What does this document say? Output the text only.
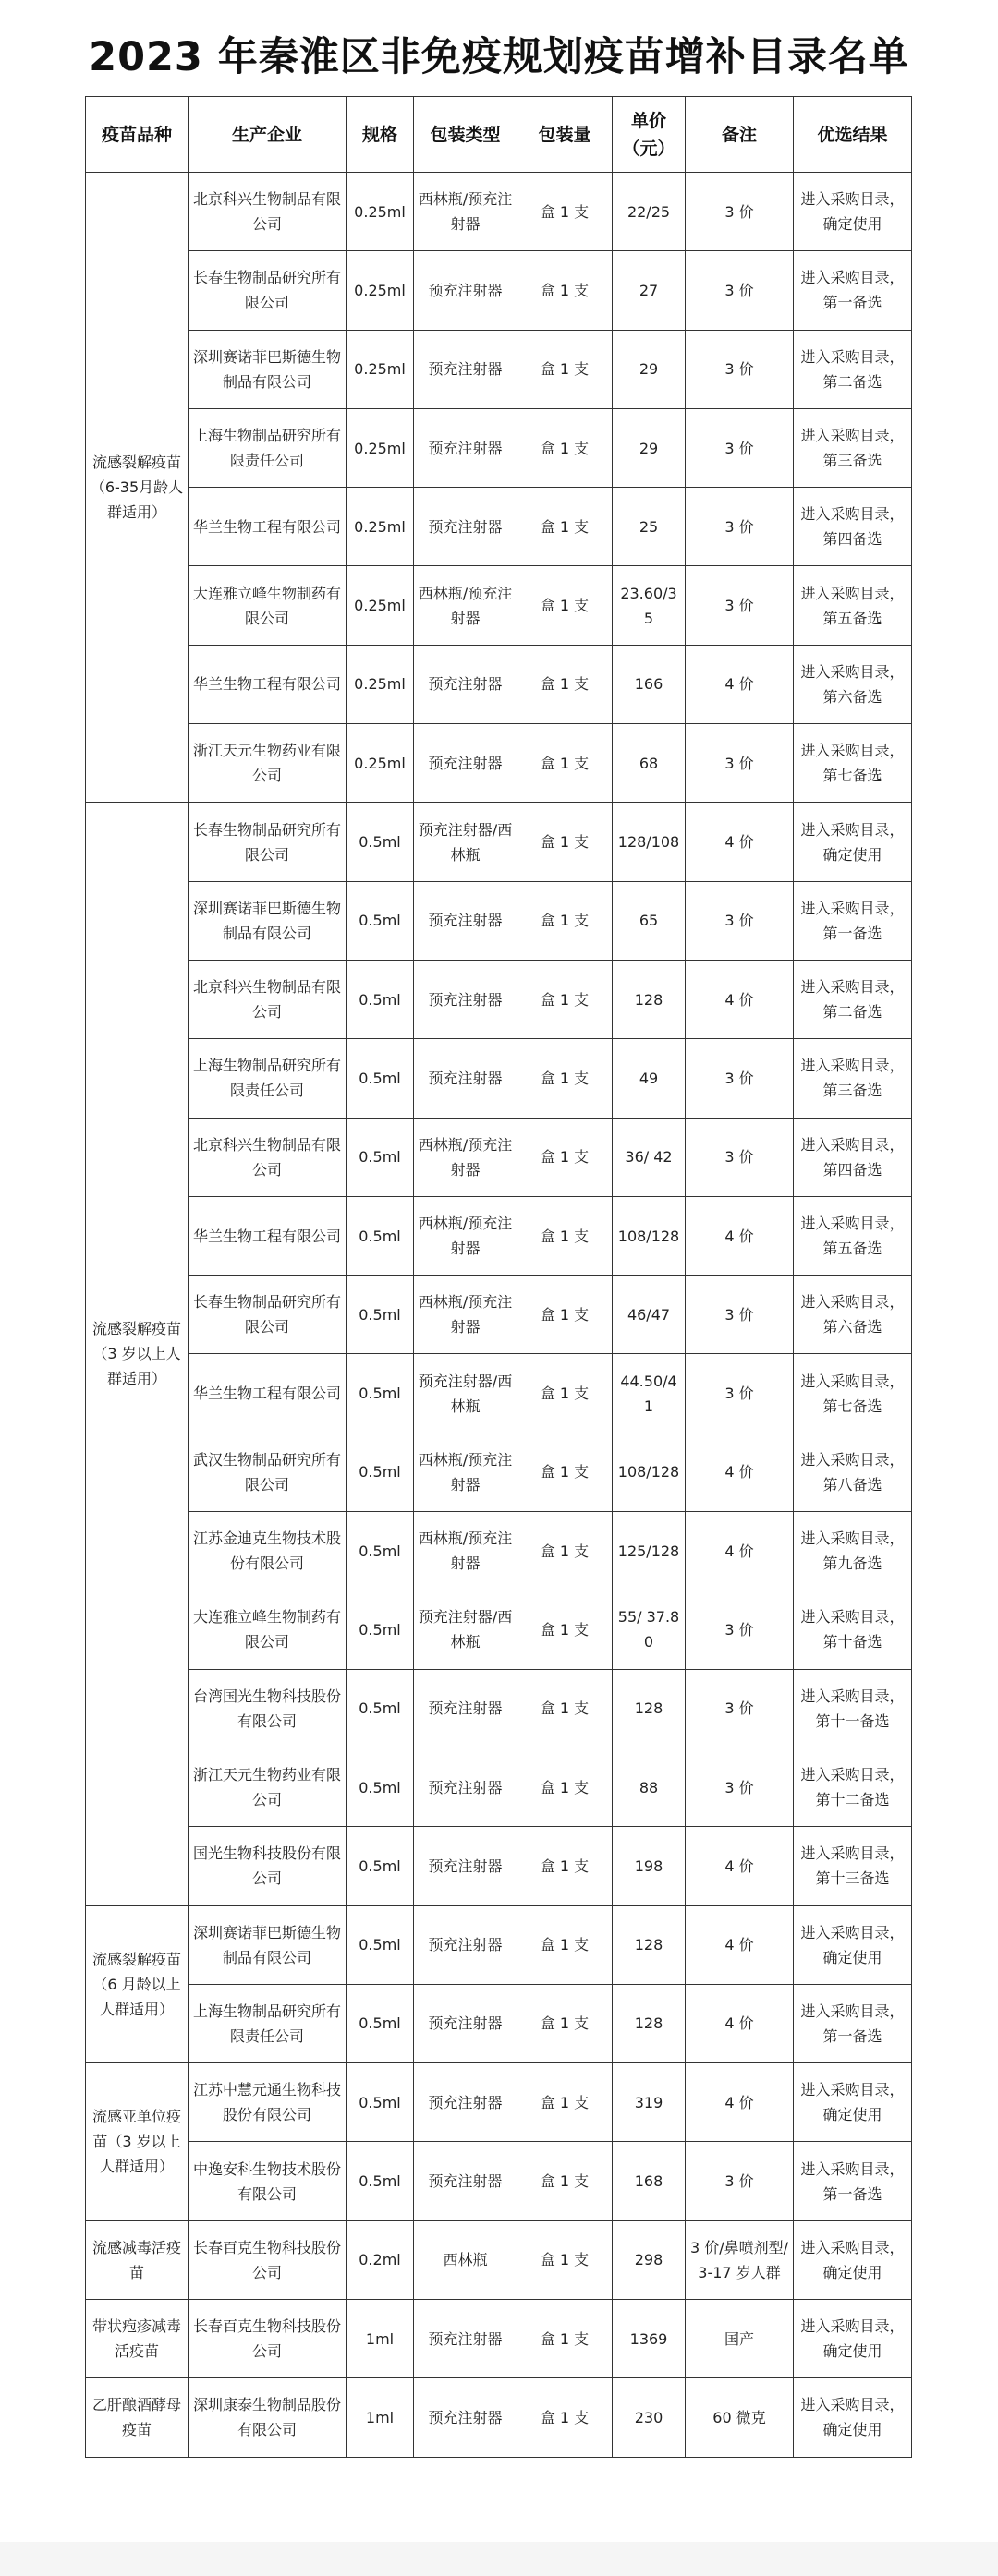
2023 年秦淮区非免疫规划疫苗增补目录名单
疫苗品种	生产企业	规格	包装类型	包装量	单价（元）	备注	优选结果
流感裂解疫苗（6-35月龄人群适用）	北京科兴生物制品有限公司	0.25ml	西林瓶/预充注射器	盒 1 支	22/25	3 价	进入采购目录，确定使用
	长春生物制品研究所有限公司	0.25ml	预充注射器	盒 1 支	27	3 价	进入采购目录，第一备选
	深圳赛诺菲巴斯德生物制品有限公司	0.25ml	预充注射器	盒 1 支	29	3 价	进入采购目录，第二备选
	上海生物制品研究所有限责任公司	0.25ml	预充注射器	盒 1 支	29	3 价	进入采购目录，第三备选
	华兰生物工程有限公司	0.25ml	预充注射器	盒 1 支	25	3 价	进入采购目录，第四备选
	大连雅立峰生物制药有限公司	0.25ml	西林瓶/预充注射器	盒 1 支	23.60/35	3 价	进入采购目录，第五备选
	华兰生物工程有限公司	0.25ml	预充注射器	盒 1 支	166	4 价	进入采购目录，第六备选
	浙江天元生物药业有限公司	0.25ml	预充注射器	盒 1 支	68	3 价	进入采购目录，第七备选
流感裂解疫苗（3 岁以上人群适用）	长春生物制品研究所有限公司	0.5ml	预充注射器/西林瓶	盒 1 支	128/108	4 价	进入采购目录，确定使用
	深圳赛诺菲巴斯德生物制品有限公司	0.5ml	预充注射器	盒 1 支	65	3 价	进入采购目录，第一备选
	北京科兴生物制品有限公司	0.5ml	预充注射器	盒 1 支	128	4 价	进入采购目录，第二备选
	上海生物制品研究所有限责任公司	0.5ml	预充注射器	盒 1 支	49	3 价	进入采购目录，第三备选
	北京科兴生物制品有限公司	0.5ml	西林瓶/预充注射器	盒 1 支	36/ 42	3 价	进入采购目录，第四备选
	华兰生物工程有限公司	0.5ml	西林瓶/预充注射器	盒 1 支	108/128	4 价	进入采购目录，第五备选
	长春生物制品研究所有限公司	0.5ml	西林瓶/预充注射器	盒 1 支	46/47	3 价	进入采购目录，第六备选
	华兰生物工程有限公司	0.5ml	预充注射器/西林瓶	盒 1 支	44.50/41	3 价	进入采购目录，第七备选
	武汉生物制品研究所有限公司	0.5ml	西林瓶/预充注射器	盒 1 支	108/128	4 价	进入采购目录，第八备选
	江苏金迪克生物技术股份有限公司	0.5ml	西林瓶/预充注射器	盒 1 支	125/128	4 价	进入采购目录，第九备选
	大连雅立峰生物制药有限公司	0.5ml	预充注射器/西林瓶	盒 1 支	55/ 37.80	3 价	进入采购目录，第十备选
	台湾国光生物科技股份有限公司	0.5ml	预充注射器	盒 1 支	128	3 价	进入采购目录，第十一备选
	浙江天元生物药业有限公司	0.5ml	预充注射器	盒 1 支	88	3 价	进入采购目录，第十二备选
	国光生物科技股份有限公司	0.5ml	预充注射器	盒 1 支	198	4 价	进入采购目录，第十三备选
流感裂解疫苗（6 月龄以上人群适用）	深圳赛诺菲巴斯德生物制品有限公司	0.5ml	预充注射器	盒 1 支	128	4 价	进入采购目录，确定使用
	上海生物制品研究所有限责任公司	0.5ml	预充注射器	盒 1 支	128	4 价	进入采购目录，第一备选
流感亚单位疫苗（3 岁以上人群适用）	江苏中慧元通生物科技股份有限公司	0.5ml	预充注射器	盒 1 支	319	4 价	进入采购目录，确定使用
	中逸安科生物技术股份有限公司	0.5ml	预充注射器	盒 1 支	168	3 价	进入采购目录，第一备选
流感减毒活疫苗	长春百克生物科技股份公司	0.2ml	西林瓶	盒 1 支	298	3 价/鼻喷剂型/3-17 岁人群	进入采购目录，确定使用
带状疱疹减毒活疫苗	长春百克生物科技股份公司	1ml	预充注射器	盒 1 支	1369	国产	进入采购目录，确定使用
乙肝酿酒酵母疫苗	深圳康泰生物制品股份有限公司	1ml	预充注射器	盒 1 支	230	60 微克	进入采购目录，确定使用
